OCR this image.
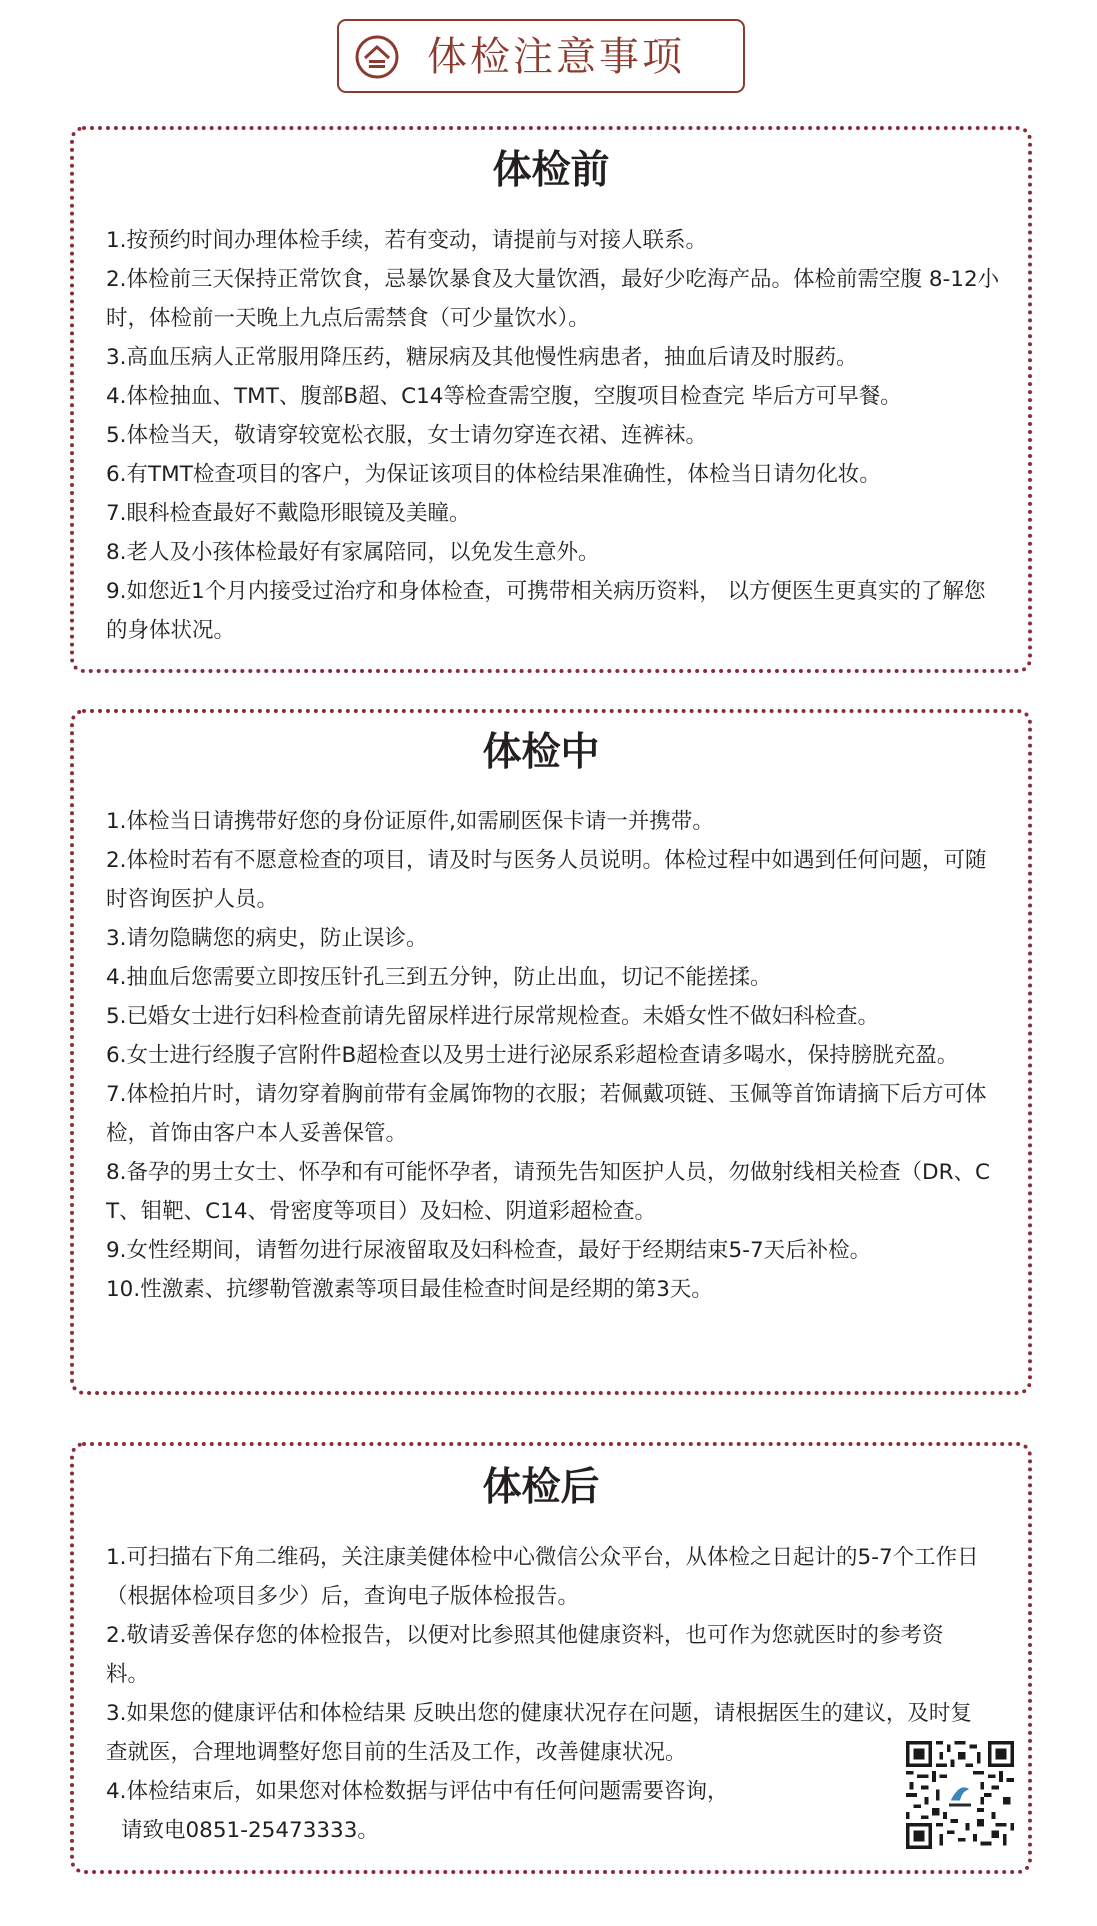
体检注意事项
体检前
1.按预约时间办理体检手续，若有变动，请提前与对接人联系。
2.体检前三天保持正常饮食，忌暴饮暴食及大量饮酒，最好少吃海产品。体检前需空腹 8-12小时，体检前一天晚上九点后需禁食（可少量饮水）。
3.高血压病人正常服用降压药，糖尿病及其他慢性病患者，抽血后请及时服药。
4.体检抽血、TMT、腹部B超、C14等检查需空腹，空腹项目检查完 毕后方可早餐。
5.体检当天，敬请穿较宽松衣服，女士请勿穿连衣裙、连裤袜。
6.有TMT检查项目的客户，为保证该项目的体检结果准确性，体检当日请勿化妆。
7.眼科检查最好不戴隐形眼镜及美瞳。
8.老人及小孩体检最好有家属陪同，以免发生意外。
9.如您近1个月内接受过治疗和身体检查，可携带相关病历资料， 以方便医生更真实的了解您的身体状况。
体检中
1.体检当日请携带好您的身份证原件,如需刷医保卡请一并携带。
2.体检时若有不愿意检查的项目，请及时与医务人员说明。体检过程中如遇到任何问题，可随时咨询医护人员。
3.请勿隐瞒您的病史，防止误诊。
4.抽血后您需要立即按压针孔三到五分钟，防止出血，切记不能搓揉。
5.已婚女士进行妇科检查前请先留尿样进行尿常规检查。未婚女性不做妇科检查。
6.女士进行经腹子宫附件B超检查以及男士进行泌尿系彩超检查请多喝水，保持膀胱充盈。
7.体检拍片时，请勿穿着胸前带有金属饰物的衣服；若佩戴项链、玉佩等首饰请摘下后方可体检，首饰由客户本人妥善保管。
8.备孕的男士女士、怀孕和有可能怀孕者，请预先告知医护人员，勿做射线相关检查（DR、CT、钼靶、C14、骨密度等项目）及妇检、阴道彩超检查。
9.女性经期间，请暂勿进行尿液留取及妇科检查，最好于经期结束5-7天后补检。
10.性激素、抗缪勒管激素等项目最佳检查时间是经期的第3天。
体检后
1.可扫描右下角二维码，关注康美健体检中心微信公众平台，从体检之日起计的5-7个工作日（根据体检项目多少）后，查询电子版体检报告。
2.敬请妥善保存您的体检报告，以便对比参照其他健康资料，也可作为您就医时的参考资料。
3.如果您的健康评估和体检结果 反映出您的健康状况存在问题，请根据医生的建议，及时复查就医，合理地调整好您目前的生活及工作，改善健康状况。
4.体检结束后，如果您对体检数据与评估中有任何问题需要咨询，
请致电0851-25473333。
